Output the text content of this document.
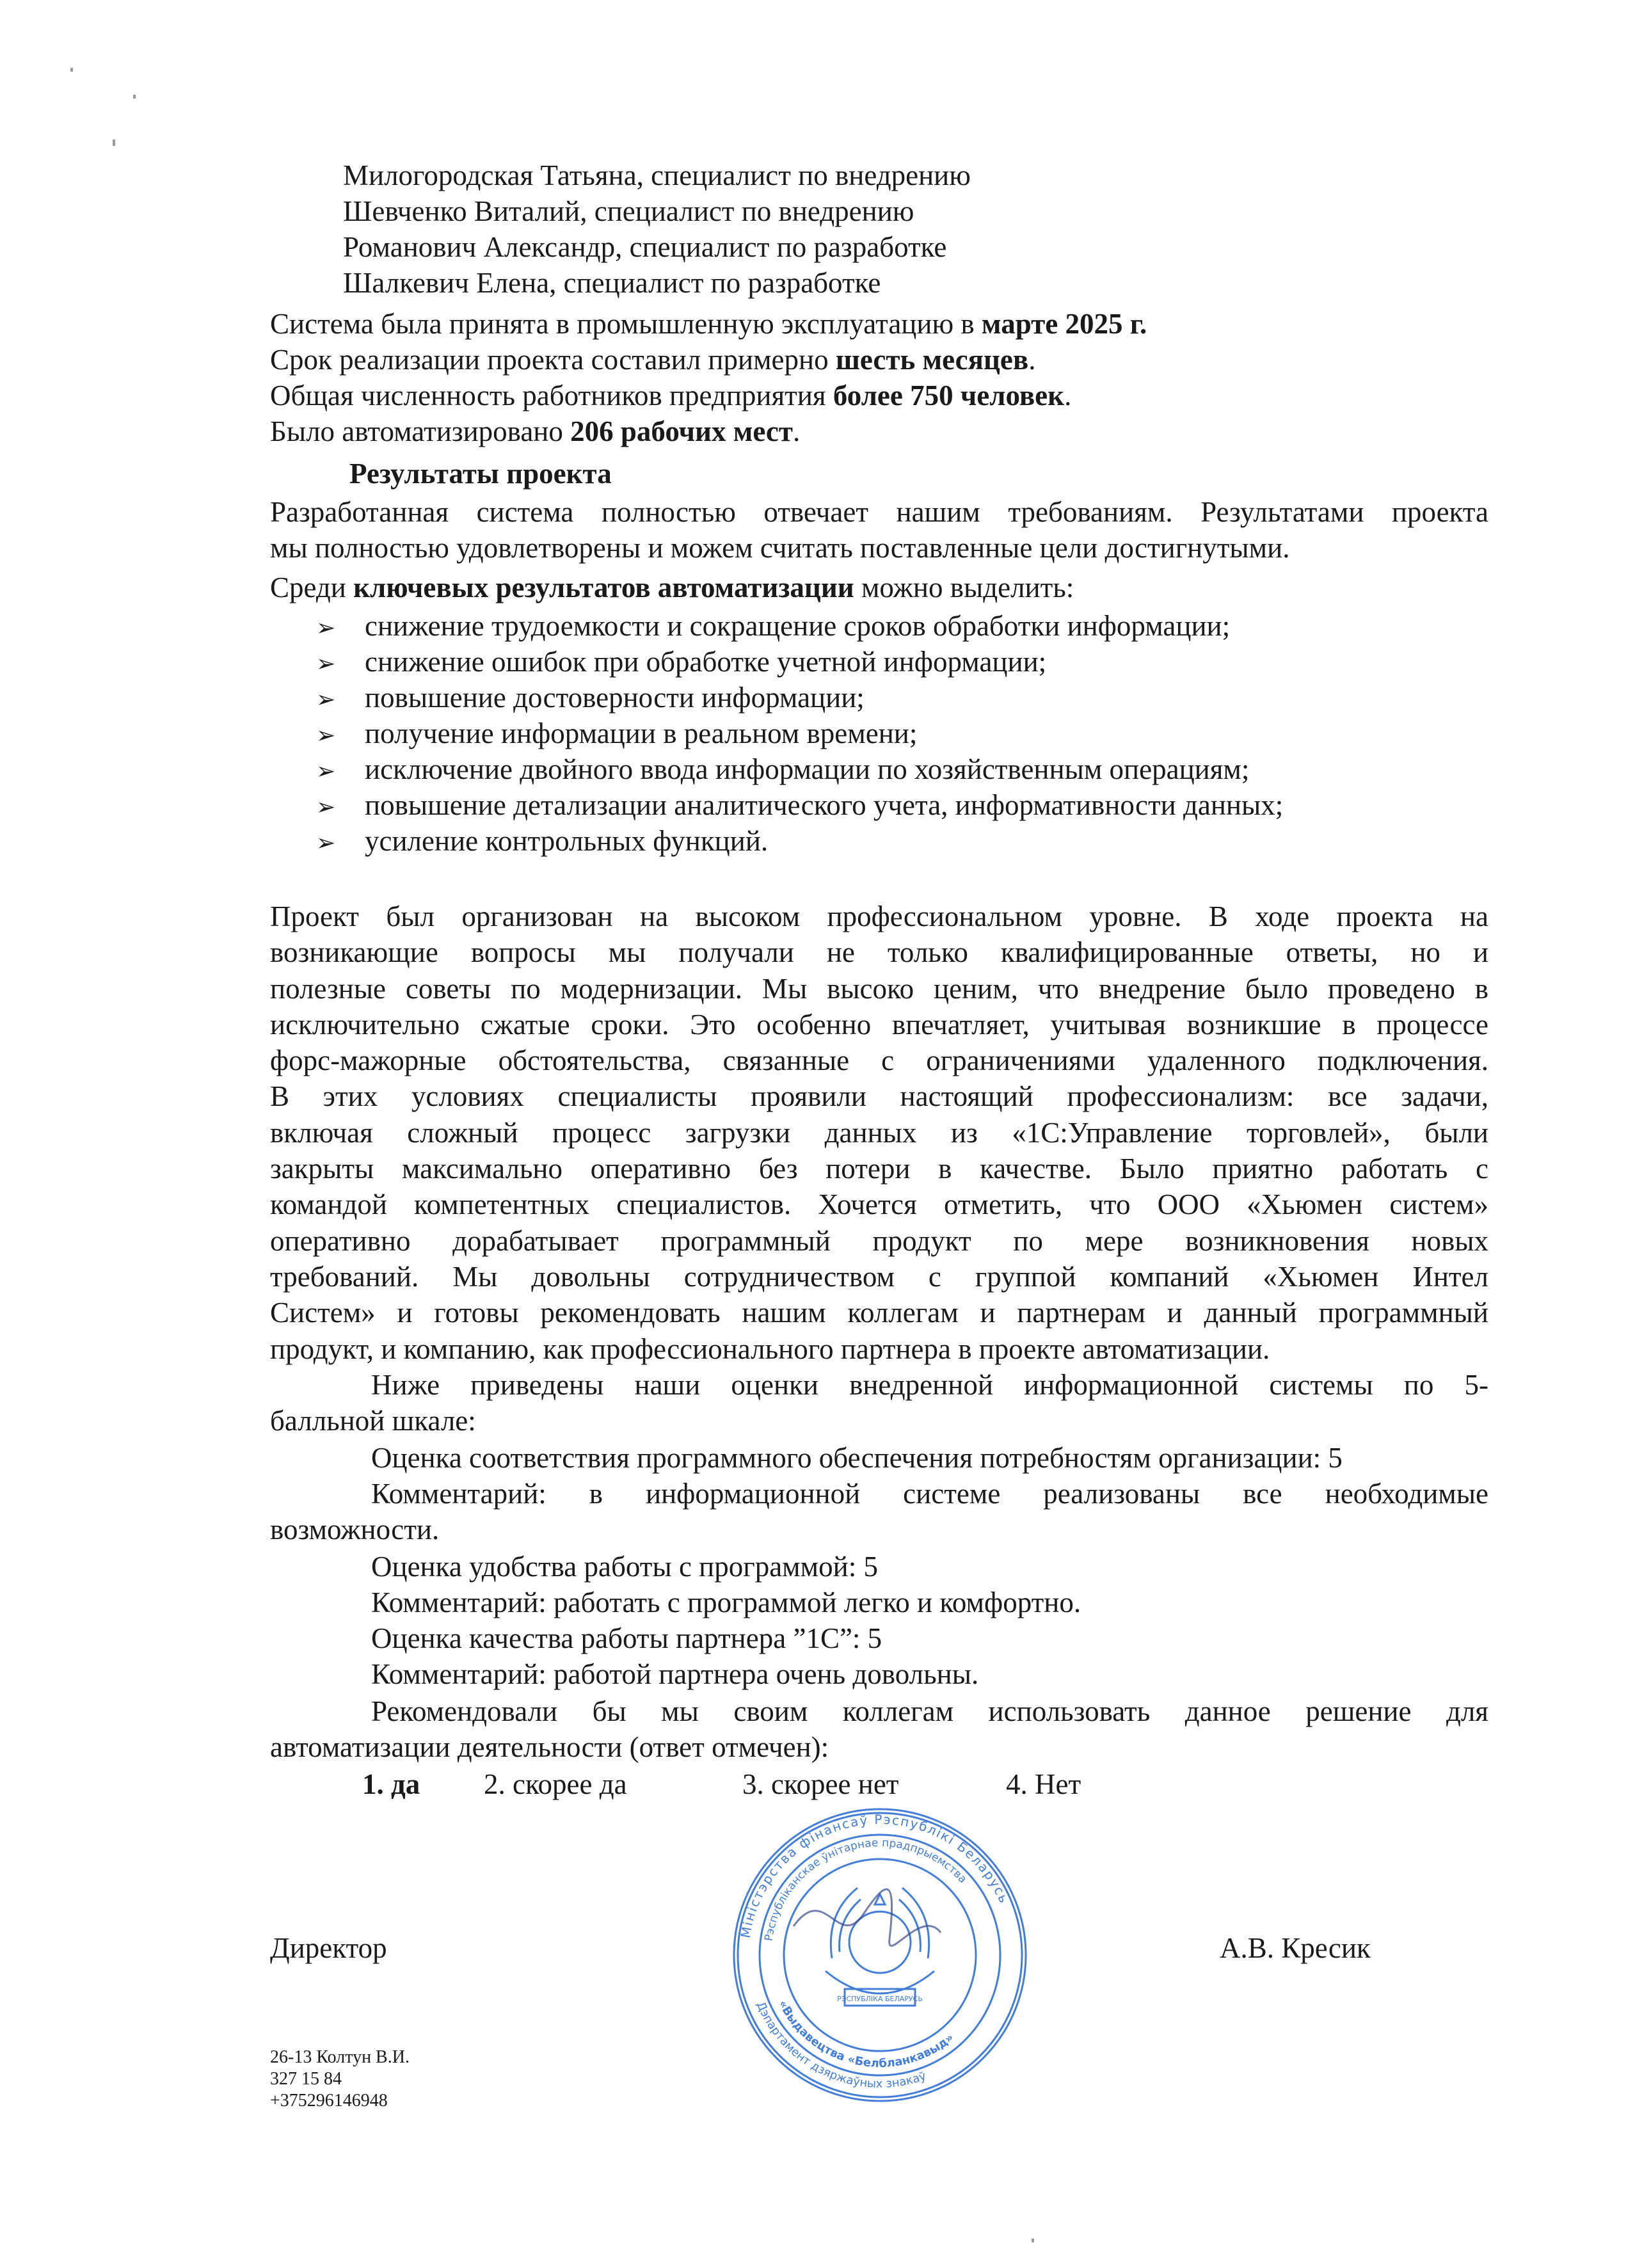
Милогородская Татьяна, специалист по внедрению
Шевченко Виталий, специалист по внедрению
Романович Александр, специалист по разработке
Шалкевич Елена, специалист по разработке
Система была принята в промышленную эксплуатацию в марте 2025 г.
Срок реализации проекта составил примерно шесть месяцев.
Общая численность работников предприятия более 750 человек.
Было автоматизировано 206 рабочих мест.
Результаты проекта
Разработанная система полностью отвечает нашим требованиям. Результатами проекта
мы полностью удовлетворены и можем считать поставленные цели достигнутыми.
Среди ключевых результатов автоматизации можно выделить:
➢ снижение трудоемкости и сокращение сроков обработки информации;
➢ снижение ошибок при обработке учетной информации;
➢ повышение достоверности информации;
➢ получение информации в реальном времени;
➢ исключение двойного ввода информации по хозяйственным операциям;
➢ повышение детализации аналитического учета, информативности данных;
➢ усиление контрольных функций.
Проект был организован на высоком профессиональном уровне. В ходе проекта на
возникающие вопросы мы получали не только квалифицированные ответы, но и
полезные советы по модернизации. Мы высоко ценим, что внедрение было проведено в
исключительно сжатые сроки. Это особенно впечатляет, учитывая возникшие в процессе
форс-мажорные обстоятельства, связанные с ограничениями удаленного подключения.
В этих условиях специалисты проявили настоящий профессионализм: все задачи,
включая сложный процесс загрузки данных из «1С:Управление торговлей», были
закрыты максимально оперативно без потери в качестве. Было приятно работать с
командой компетентных специалистов. Хочется отметить, что ООО «Хьюмен систем»
оперативно дорабатывает программный продукт по мере возникновения новых
требований. Мы довольны сотрудничеством с группой компаний «Хьюмен Интел
Систем» и готовы рекомендовать нашим коллегам и партнерам и данный программный
продукт, и компанию, как профессионального партнера в проекте автоматизации.
Ниже приведены наши оценки внедренной информационной системы по 5-
балльной шкале:
Оценка соответствия программного обеспечения потребностям организации: 5
Комментарий: в информационной системе реализованы все необходимые
возможности.
Оценка удобства работы с программой: 5
Комментарий: работать с программой легко и комфортно.
Оценка качества работы партнера ”1С”: 5
Комментарий: работой партнера очень довольны.
Рекомендовали бы мы своим коллегам использовать данное решение для
автоматизации деятельности (ответ отмечен):
1. да 2. скорее да	3. скорее нет	4. Нет
Директор	А.В. Кресик
Міністэрства фінансаў Рэспублікі Беларусь
Рэспубліканскае ўнітарнае прадпрыемства
«Выдавецтва «Белбланкавыд»
Дэпартамент дзяржаўных знакаў
РЭСПУБЛІКА БЕЛАРУСЬ
26-13 Колтун В.И.
327 15 84
+375296146948
